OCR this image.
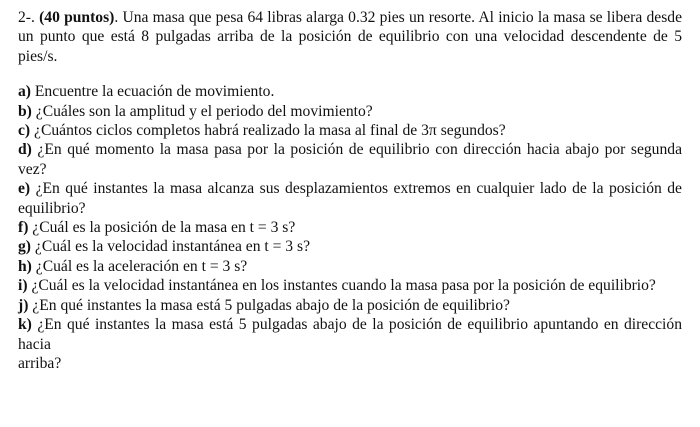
2-. (40 puntos). Una masa que pesa 64 libras alarga 0.32 pies un resorte. Al inicio la masa se libera desde un punto que está 8 pulgadas arriba de la posición de equilibrio con una velocidad descendente de 5 pies/s.

a) Encuentre la ecuación de movimiento.

b) ¿Cuáles son la amplitud y el periodo del movimiento?

c) ¿Cuántos ciclos completos habrá realizado la masa al final de 3π segundos?

d) ¿En qué momento la masa pasa por la posición de equilibrio con dirección hacia abajo por segunda vez?

e) ¿En qué instantes la masa alcanza sus desplazamientos extremos en cualquier lado de la posición de equilibrio?

f) ¿Cuál es la posición de la masa en t = 3 s?

g) ¿Cuál es la velocidad instantánea en t = 3 s?

h) ¿Cuál es la aceleración en t = 3 s?

i) ¿Cuál es la velocidad instantánea en los instantes cuando la masa pasa por la posición de equilibrio?

j) ¿En qué instantes la masa está 5 pulgadas abajo de la posición de equilibrio?

k) ¿En qué instantes la masa está 5 pulgadas abajo de la posición de equilibrio apuntando en dirección hacia

arriba?
